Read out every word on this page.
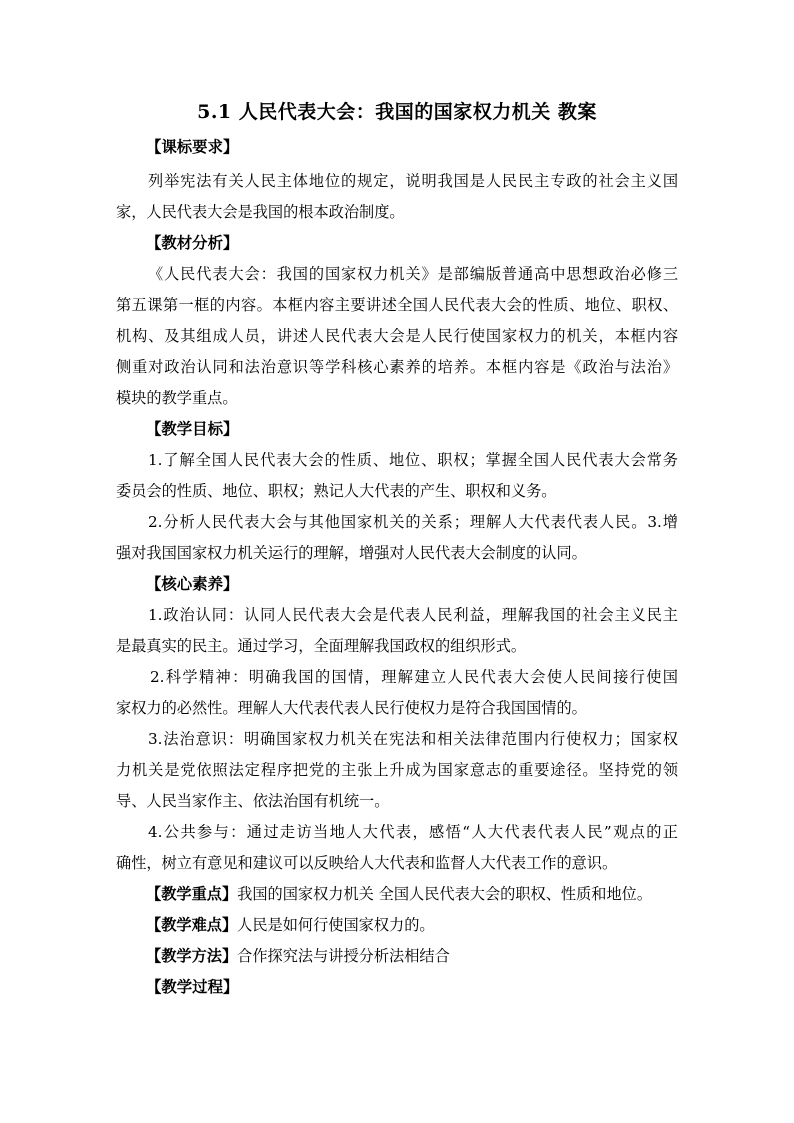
5.1 人民代表大会：我国的国家权力机关 教案
【课标要求】
列举宪法有关人民主体地位的规定，说明我国是人民民主专政的社会主义国
家，人民代表大会是我国的根本政治制度。
【教材分析】
《人民代表大会：我国的国家权力机关》是部编版普通高中思想政治必修三
第五课第一框的内容。本框内容主要讲述全国人民代表大会的性质、地位、职权、
机构、及其组成人员，讲述人民代表大会是人民行使国家权力的机关，本框内容
侧重对政治认同和法治意识等学科核心素养的培养。本框内容是《政治与法治》
模块的教学重点。
【教学目标】
1.了解全国人民代表大会的性质、地位、职权；掌握全国人民代表大会常务
委员会的性质、地位、职权；熟记人大代表的产生、职权和义务。
2.分析人民代表大会与其他国家机关的关系；理解人大代表代表人民。3.增
强对我国国家权力机关运行的理解，增强对人民代表大会制度的认同。
【核心素养】
1.政治认同：认同人民代表大会是代表人民利益，理解我国的社会主义民主
是最真实的民主。通过学习，全面理解我国政权的组织形式。
2.科学精神：明确我国的国情，理解建立人民代表大会使人民间接行使国
家权力的必然性。理解人大代表代表人民行使权力是符合我国国情的。
3.法治意识：明确国家权力机关在宪法和相关法律范围内行使权力；国家权
力机关是党依照法定程序把党的主张上升成为国家意志的重要途径。坚持党的领
导、人民当家作主、依法治国有机统一。
4.公共参与：通过走访当地人大代表，感悟“人大代表代表人民”观点的正
确性，树立有意见和建议可以反映给人大代表和监督人大代表工作的意识。
【教学重点】我国的国家权力机关 全国人民代表大会的职权、性质和地位。
【教学难点】人民是如何行使国家权力的。
【教学方法】合作探究法与讲授分析法相结合
【教学过程】
